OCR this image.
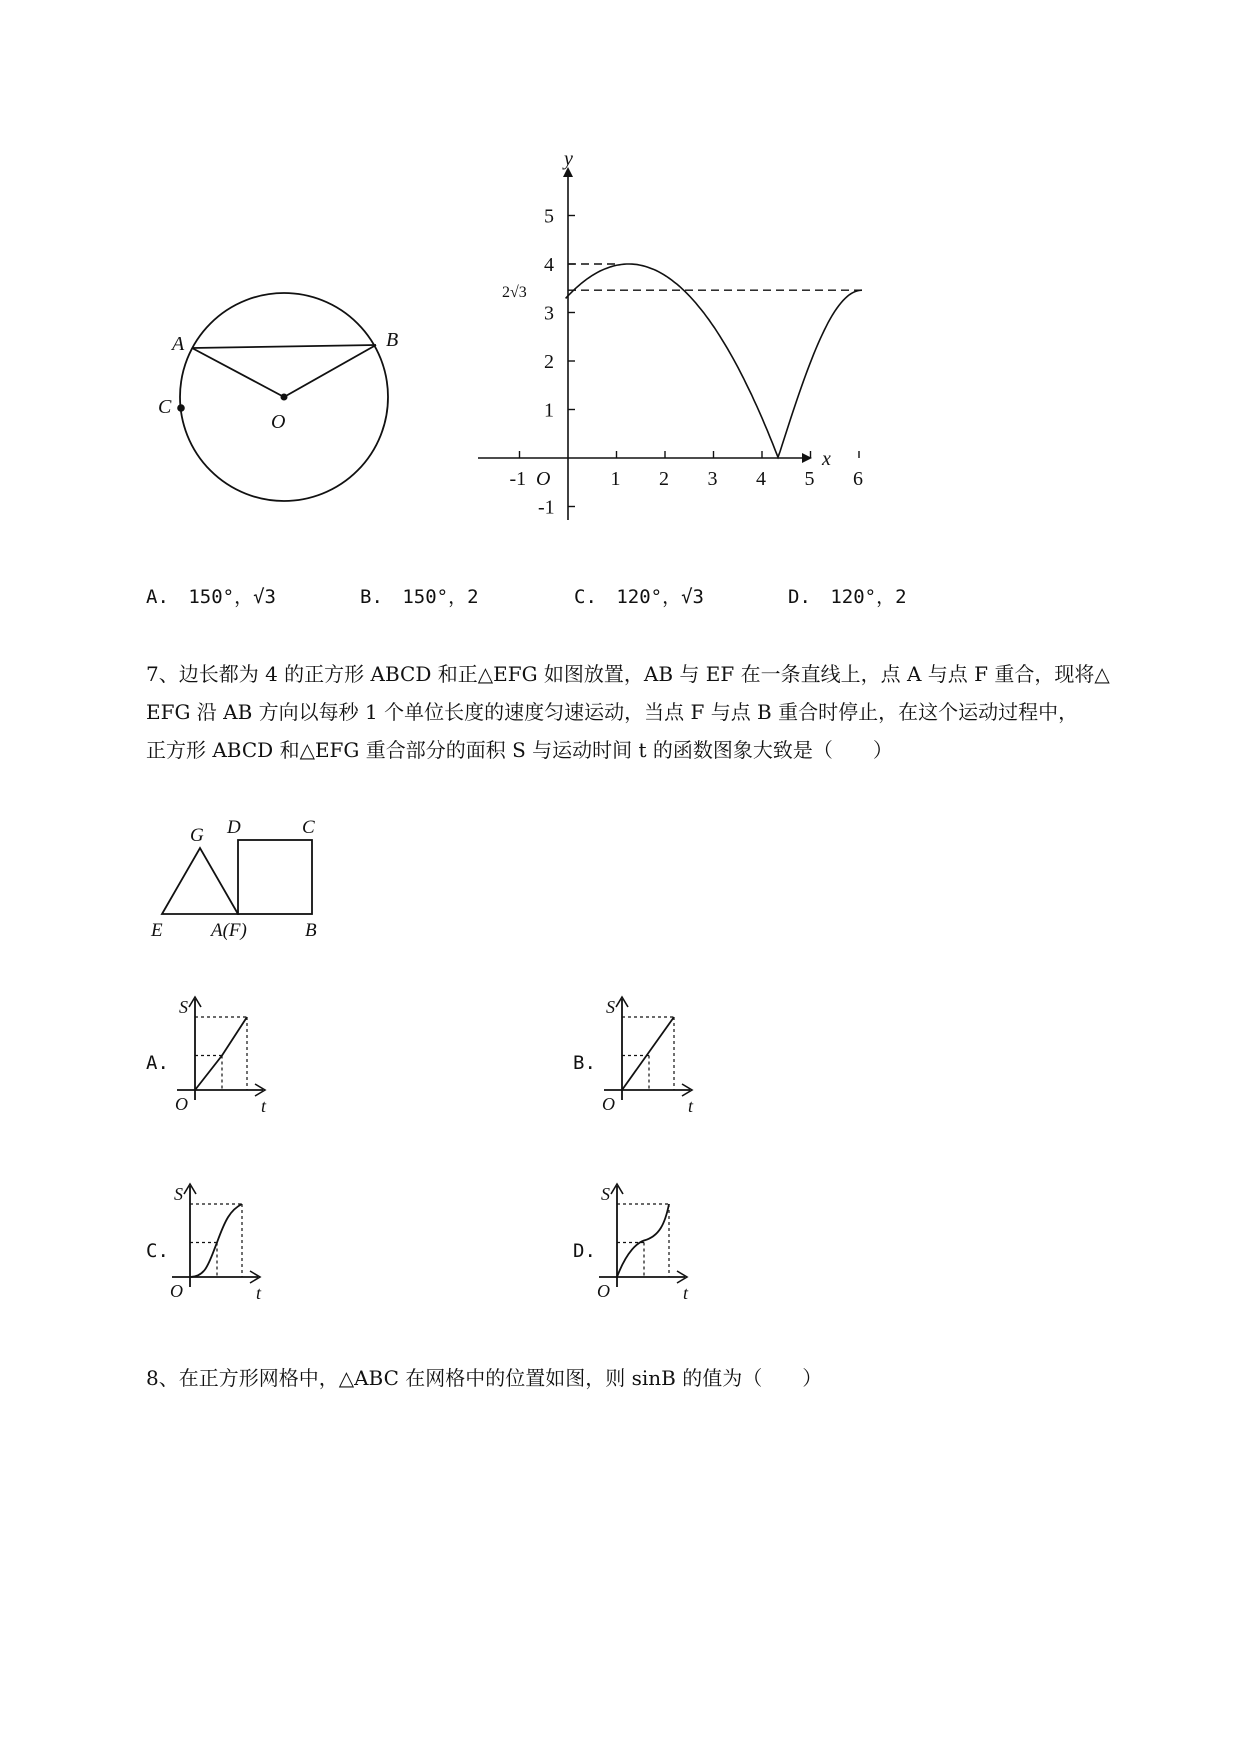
A	B
C
O
-1	1 2 3 4 5 6
5
4
3
2
1
-1
O
x
y
2√3
A. 150°，√3	B. 150°，2	C. 120°，√3	D. 120°，2
7、边长都为 4 的正方形 ABCD 和正△EFG 如图放置，AB 与 EF 在一条直线上，点 A 与点 F 重合，现将△
EFG 沿 AB 方向以每秒 1 个单位长度的速度匀速运动，当点 F 与点 B 重合时停止，在这个运动过程中，
正方形 ABCD 和△EFG 重合部分的面积 S 与运动时间 t 的函数图象大致是（　　）
G D	C
E	A(F)	B
A.
S
O	t
B.
S
O	t
C.
S
O	t
D.
S
O	t
8、在正方形网格中，△ABC 在网格中的位置如图，则 sinB 的值为（　　）
